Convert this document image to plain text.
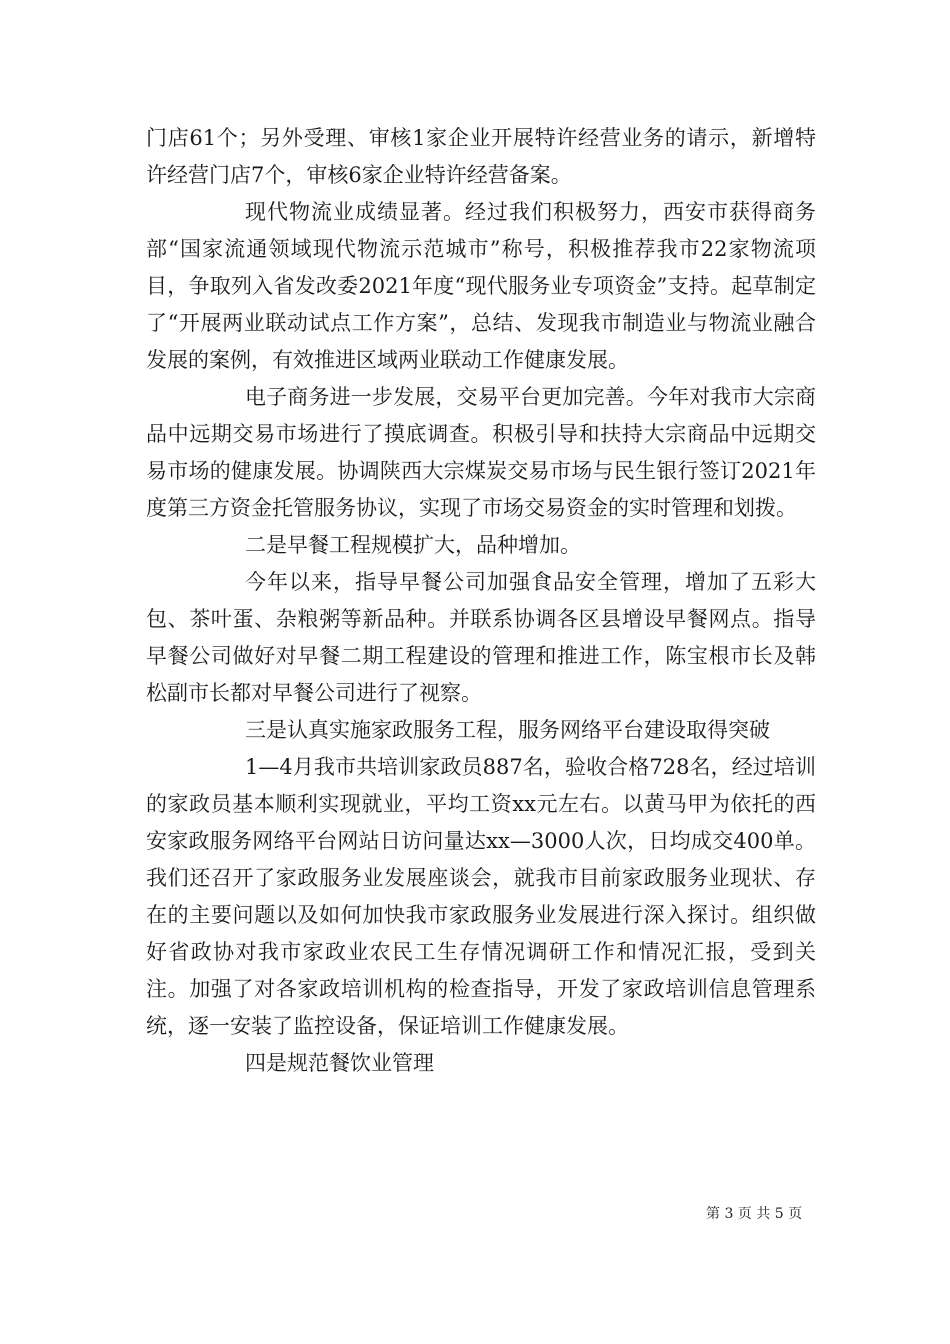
门店61个；另外受理、审核1家企业开展特许经营业务的请示，新增特许经营门店7个，审核6家企业特许经营备案。

现代物流业成绩显著。经过我们积极努力，西安市获得商务部“国家流通领域现代物流示范城市”称号，积极推荐我市22家物流项目，争取列入省发改委2021年度“现代服务业专项资金”支持。起草制定了“开展两业联动试点工作方案”，总结、发现我市制造业与物流业融合发展的案例，有效推进区域两业联动工作健康发展。

电子商务进一步发展，交易平台更加完善。今年对我市大宗商品中远期交易市场进行了摸底调查。积极引导和扶持大宗商品中远期交易市场的健康发展。协调陕西大宗煤炭交易市场与民生银行签订2021年度第三方资金托管服务协议，实现了市场交易资金的实时管理和划拨。

二是早餐工程规模扩大，品种增加。

今年以来，指导早餐公司加强食品安全管理，增加了五彩大包、茶叶蛋、杂粮粥等新品种。并联系协调各区县增设早餐网点。指导早餐公司做好对早餐二期工程建设的管理和推进工作，陈宝根市长及韩松副市长都对早餐公司进行了视察。

三是认真实施家政服务工程，服务网络平台建设取得突破

1—4月我市共培训家政员887名，验收合格728名，经过培训的家政员基本顺利实现就业，平均工资xx元左右。以黄马甲为依托的西安家政服务网络平台网站日访问量达xx—3000人次，日均成交400单。我们还召开了家政服务业发展座谈会，就我市目前家政服务业现状、存在的主要问题以及如何加快我市家政服务业发展进行深入探讨。组织做好省政协对我市家政业农民工生存情况调研工作和情况汇报，受到关注。加强了对各家政培训机构的检查指导，开发了家政培训信息管理系统，逐一安装了监控设备，保证培训工作健康发展。

四是规范餐饮业管理

第 3 页 共 5 页
